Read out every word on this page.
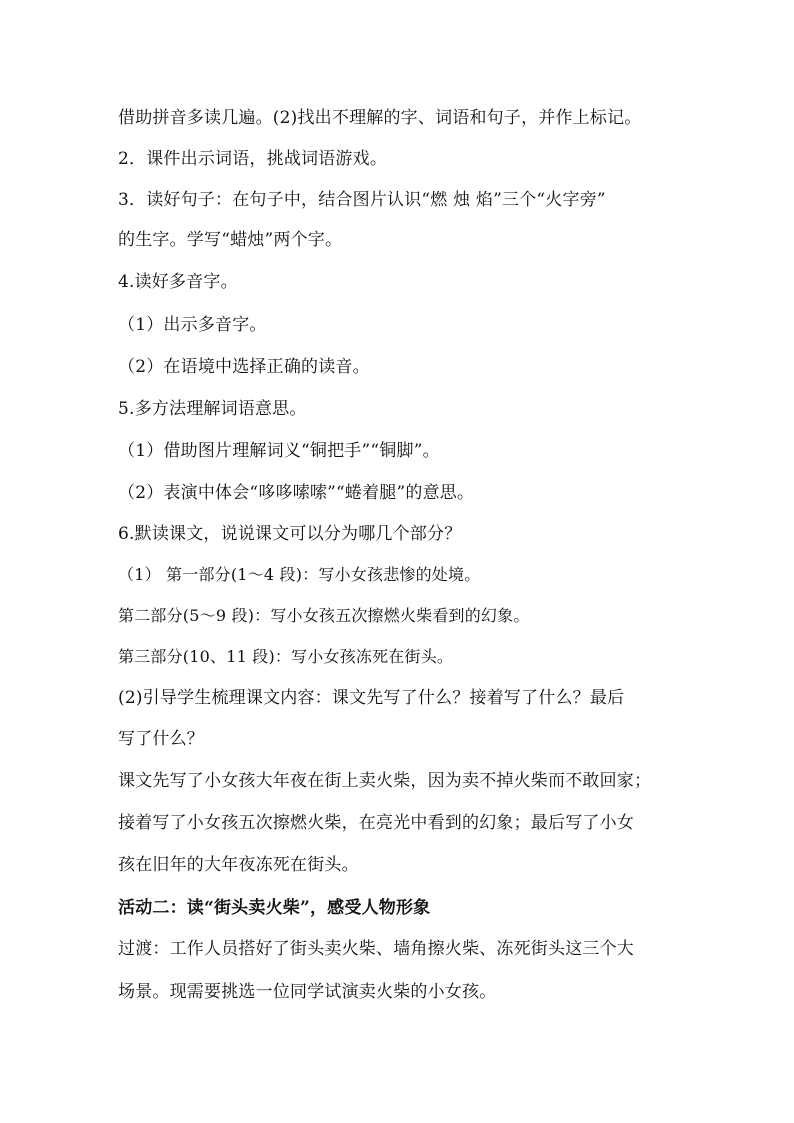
借助拼音多读几遍。(2)找出不理解的字、词语和句子，并作上标记。
2．课件出示词语，挑战词语游戏。
3．读好句子：在句子中，结合图片认识“燃 烛 焰”三个“火字旁”
的生字。学写“蜡烛”两个字。
4.读好多音字。
（1）出示多音字。
（2）在语境中选择正确的读音。
5.多方法理解词语意思。
（1）借助图片理解词义“铜把手”“铜脚”。
（2）表演中体会“哆哆嗦嗦”“蜷着腿”的意思。
6.默读课文，说说课文可以分为哪几个部分？
（1） 第一部分(1～4 段)：写小女孩悲惨的处境。
第二部分(5～9 段)：写小女孩五次擦燃火柴看到的幻象。
第三部分(10、11 段)：写小女孩冻死在街头。
(2)引导学生梳理课文内容：课文先写了什么？接着写了什么？最后
写了什么？
课文先写了小女孩大年夜在街上卖火柴，因为卖不掉火柴而不敢回家；
接着写了小女孩五次擦燃火柴，在亮光中看到的幻象；最后写了小女
孩在旧年的大年夜冻死在街头。
活动二：读“街头卖火柴”，感受人物形象
过渡：工作人员搭好了街头卖火柴、墙角擦火柴、冻死街头这三个大
场景。现需要挑选一位同学试演卖火柴的小女孩。
